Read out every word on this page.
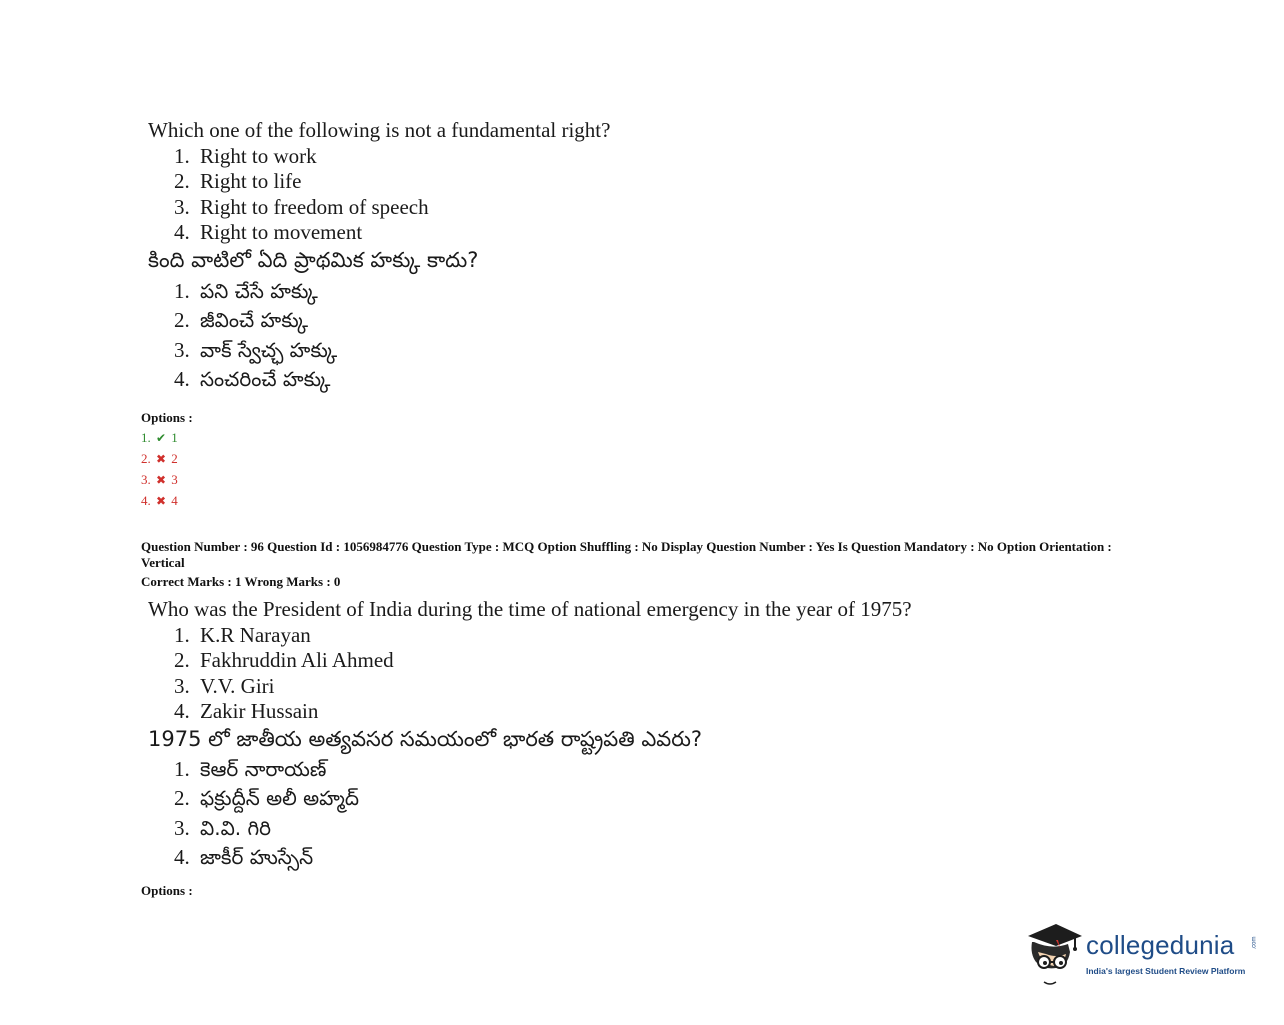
Which one of the following is not a fundamental right?
1. Right to work
2. Right to life
3. Right to freedom of speech
4. Right to movement
కింది వాటిలో ఏది ప్రాథమిక హక్కు కాదు?
1. పని చేసే హక్కు
2. జీవించే హక్కు
3. వాక్ స్వేచ్ఛ హక్కు
4. సంచరించే హక్కు
Options :
1. ✔ 1
2. ✖ 2
3. ✖ 3
4. ✖ 4
Question Number : 96 Question Id : 1056984776 Question Type : MCQ Option Shuffling : No Display Question Number : Yes Is Question Mandatory : No Option Orientation : Vertical
Correct Marks : 1 Wrong Marks : 0
Who was the President of India during the time of national emergency in the year of 1975?
1. K.R Narayan
2. Fakhruddin Ali Ahmed
3. V.V. Giri
4. Zakir Hussain
1975 లో జాతీయ అత్యవసర సమయంలో భారత రాష్ట్రపతి ఎవరు?
1. కెఆర్ నారాయణ్
2. ఫక్రుద్దీన్ అలీ అహ్మద్
3. వి.వి. గిరి
4. జాకీర్ హుస్సేన్
Options :
collegedunia	.com
India's largest Student Review Platform
